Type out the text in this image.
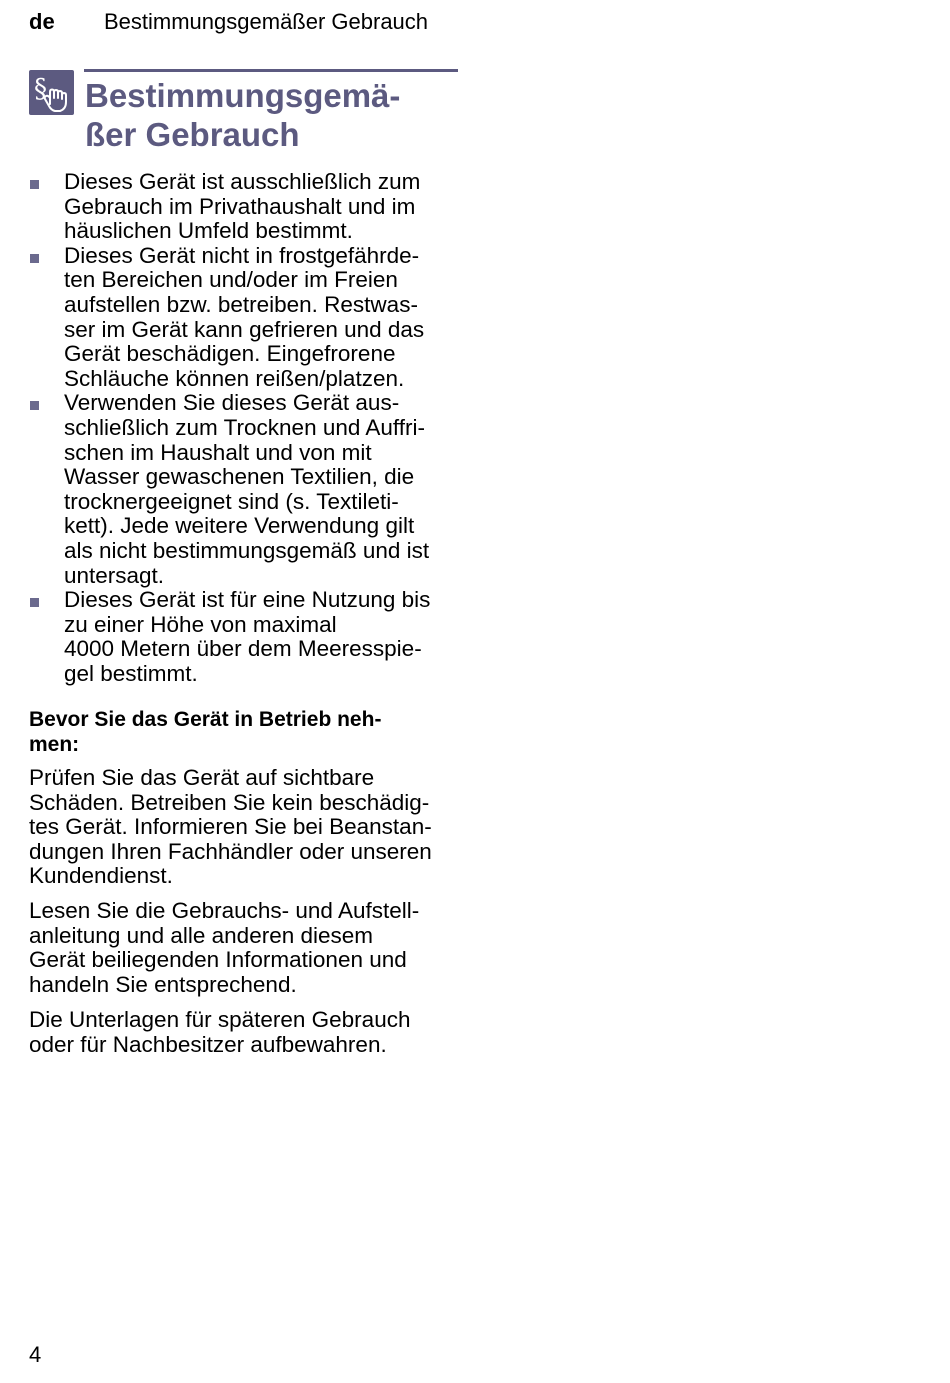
de Bestimmungsgemäßer Gebrauch
§ Bestimmungsgemä-
ßer Gebrauch
Dieses Gerät ist ausschließlich zum
Gebrauch im Privathaushalt und im
häuslichen Umfeld bestimmt.
Dieses Gerät nicht in frostgefährde-
ten Bereichen und/oder im Freien
aufstellen bzw. betreiben. Restwas-
ser im Gerät kann gefrieren und das
Gerät beschädigen. Eingefrorene
Schläuche können reißen/platzen.
Verwenden Sie dieses Gerät aus-
schließlich zum Trocknen und Auffri-
schen im Haushalt und von mit
Wasser gewaschenen Textilien, die
trocknergeeignet sind (s. Textileti-
kett). Jede weitere Verwendung gilt
als nicht bestimmungsgemäß und ist
untersagt.
Dieses Gerät ist für eine Nutzung bis
zu einer Höhe von maximal
4000 Metern über dem Meeresspie-
gel bestimmt.
Bevor Sie das Gerät in Betrieb neh-
men:

Prüfen Sie das Gerät auf sichtbare
Schäden. Betreiben Sie kein beschädig-
tes Gerät. Informieren Sie bei Beanstan-
dungen Ihren Fachhändler oder unseren
Kundendienst.

Lesen Sie die Gebrauchs- und Aufstell-
anleitung und alle anderen diesem
Gerät beiliegenden Informationen und
handeln Sie entsprechend.

Die Unterlagen für späteren Gebrauch
oder für Nachbesitzer aufbewahren.

4
